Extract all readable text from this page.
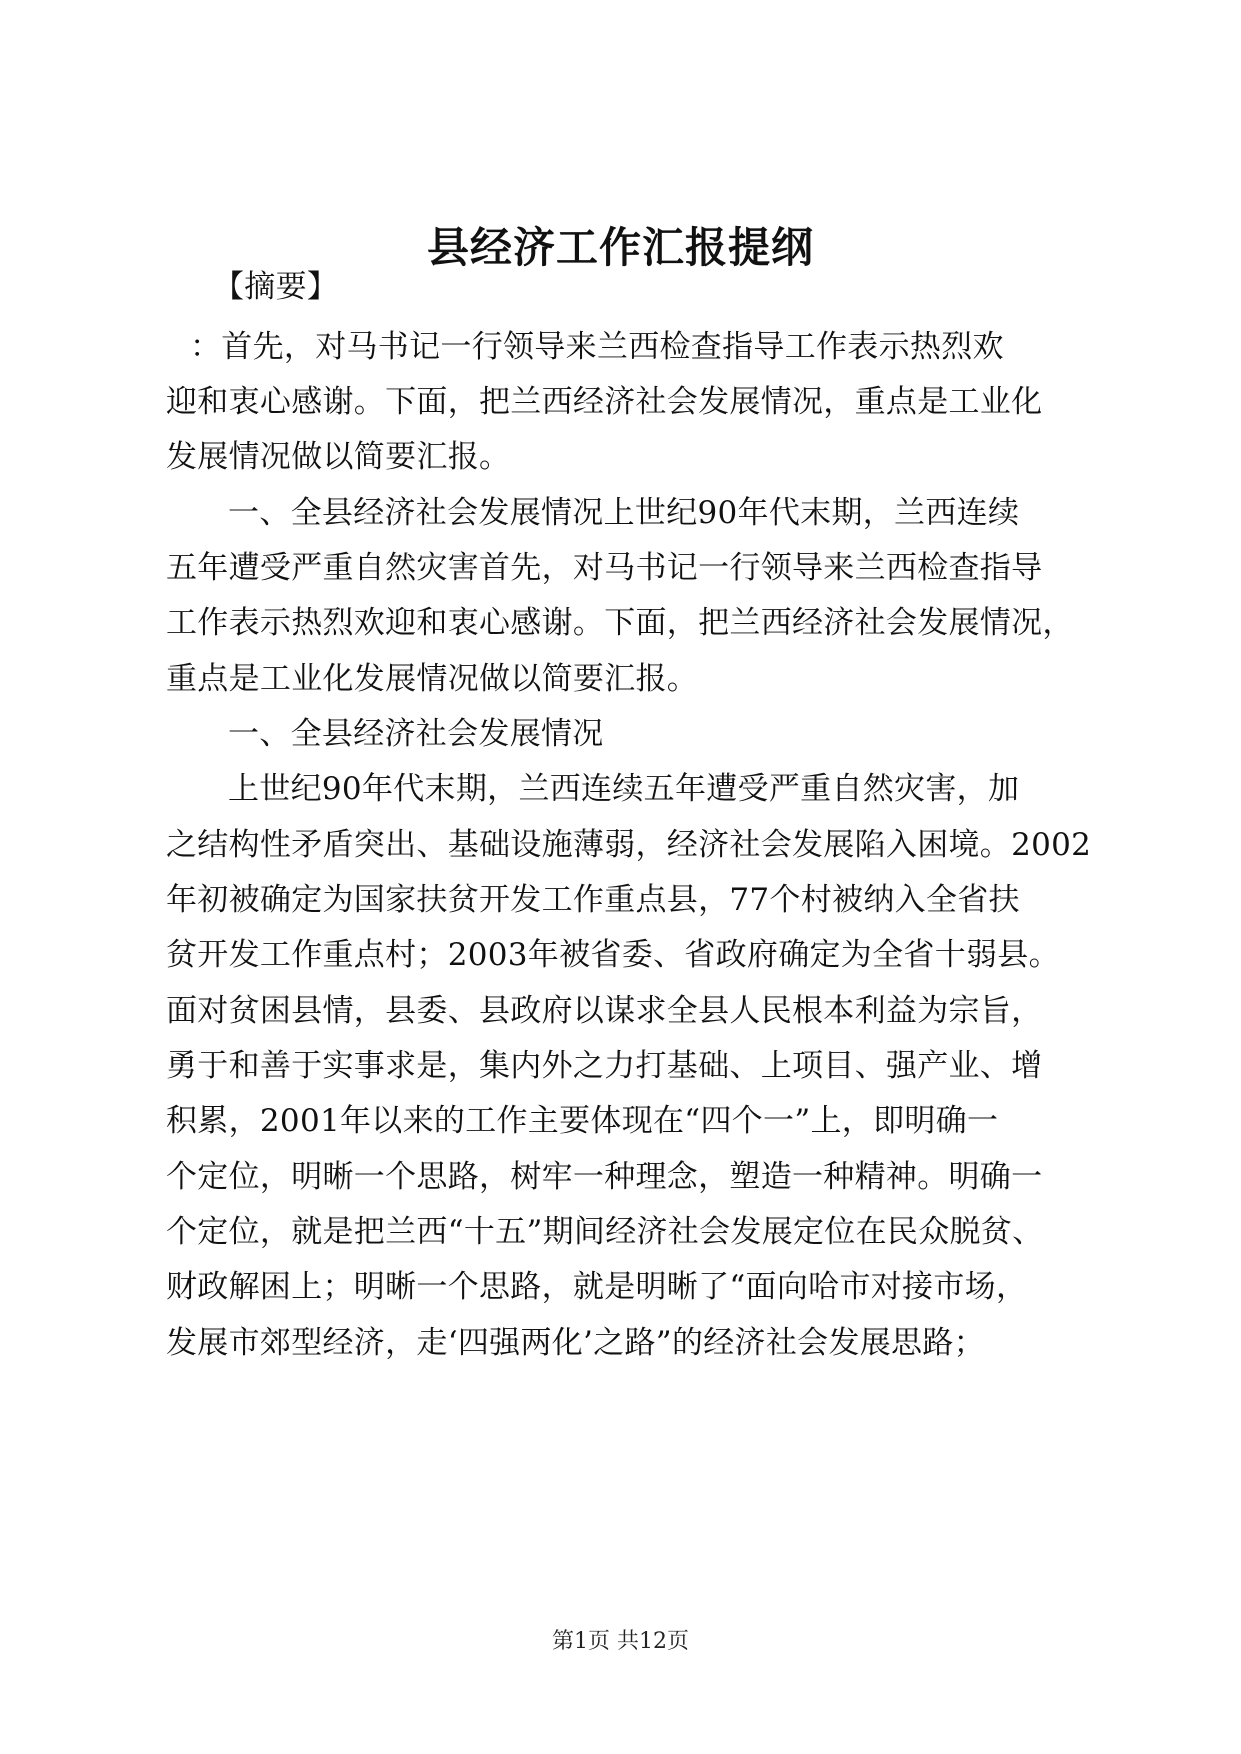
县经济工作汇报提纲
【摘要】
：首先，对马书记一行领导来兰西检查指导工作表示热烈欢
迎和衷心感谢。下面，把兰西经济社会发展情况，重点是工业化
发展情况做以简要汇报。
一、全县经济社会发展情况上世纪90年代末期，兰西连续
五年遭受严重自然灾害首先，对马书记一行领导来兰西检查指导
工作表示热烈欢迎和衷心感谢。下面，把兰西经济社会发展情况，
重点是工业化发展情况做以简要汇报。
一、全县经济社会发展情况
上世纪90年代末期，兰西连续五年遭受严重自然灾害，加
之结构性矛盾突出、基础设施薄弱，经济社会发展陷入困境。2002
年初被确定为国家扶贫开发工作重点县，77个村被纳入全省扶
贫开发工作重点村；2003年被省委、省政府确定为全省十弱县。
面对贫困县情，县委、县政府以谋求全县人民根本利益为宗旨，
勇于和善于实事求是，集内外之力打基础、上项目、强产业、增
积累，2001年以来的工作主要体现在“四个一”上，即明确一
个定位，明晰一个思路，树牢一种理念，塑造一种精神。明确一
个定位，就是把兰西“十五”期间经济社会发展定位在民众脱贫、
财政解困上；明晰一个思路，就是明晰了“面向哈市对接市场，
发展市郊型经济，走‘四强两化’之路”的经济社会发展思路；
第1页 共12页
